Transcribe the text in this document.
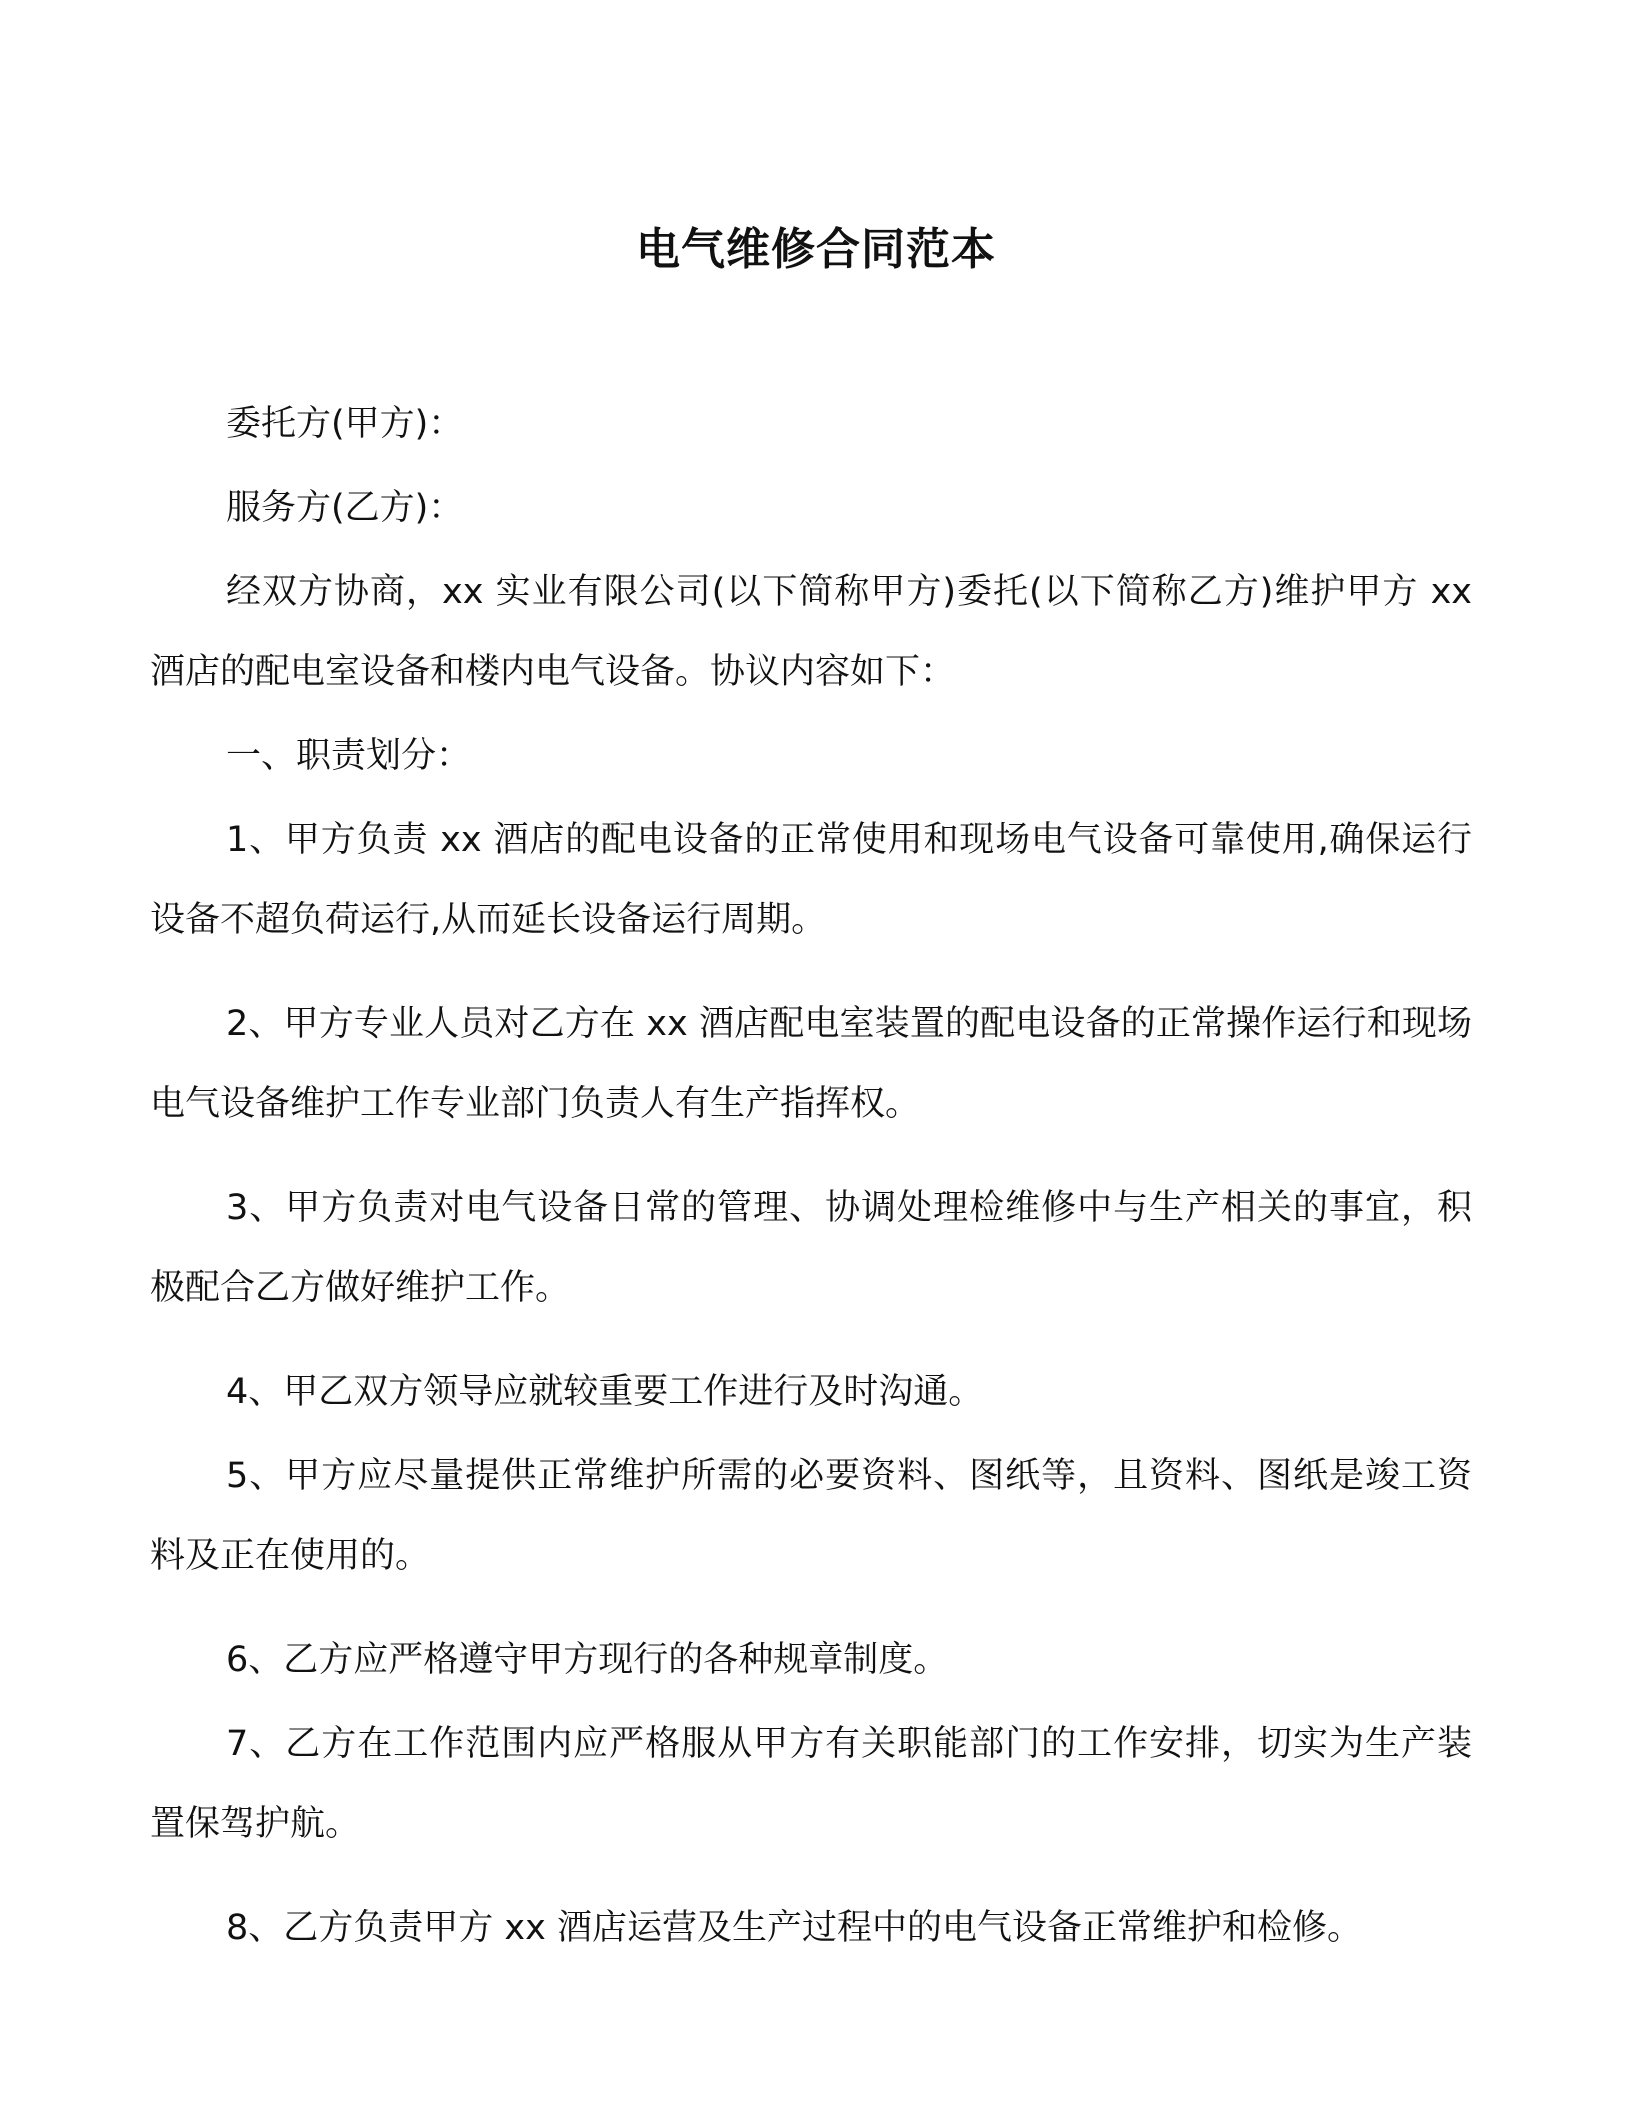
电气维修合同范本

委托方(甲方)：

服务方(乙方)：

经双方协商，xx 实业有限公司(以下简称甲方)委托(以下简称乙方)维护甲方 xx 酒店的配电室设备和楼内电气设备。协议内容如下：

一、职责划分：

1、甲方负责 xx 酒店的配电设备的正常使用和现场电气设备可靠使用,确保运行设备不超负荷运行,从而延长设备运行周期。

2、甲方专业人员对乙方在 xx 酒店配电室装置的配电设备的正常操作运行和现场电气设备维护工作专业部门负责人有生产指挥权。

3、甲方负责对电气设备日常的管理、协调处理检维修中与生产相关的事宜，积极配合乙方做好维护工作。

4、甲乙双方领导应就较重要工作进行及时沟通。

5、甲方应尽量提供正常维护所需的必要资料、图纸等，且资料、图纸是竣工资料及正在使用的。

6、乙方应严格遵守甲方现行的各种规章制度。

7、乙方在工作范围内应严格服从甲方有关职能部门的工作安排，切实为生产装置保驾护航。

8、乙方负责甲方 xx 酒店运营及生产过程中的电气设备正常维护和检修。
